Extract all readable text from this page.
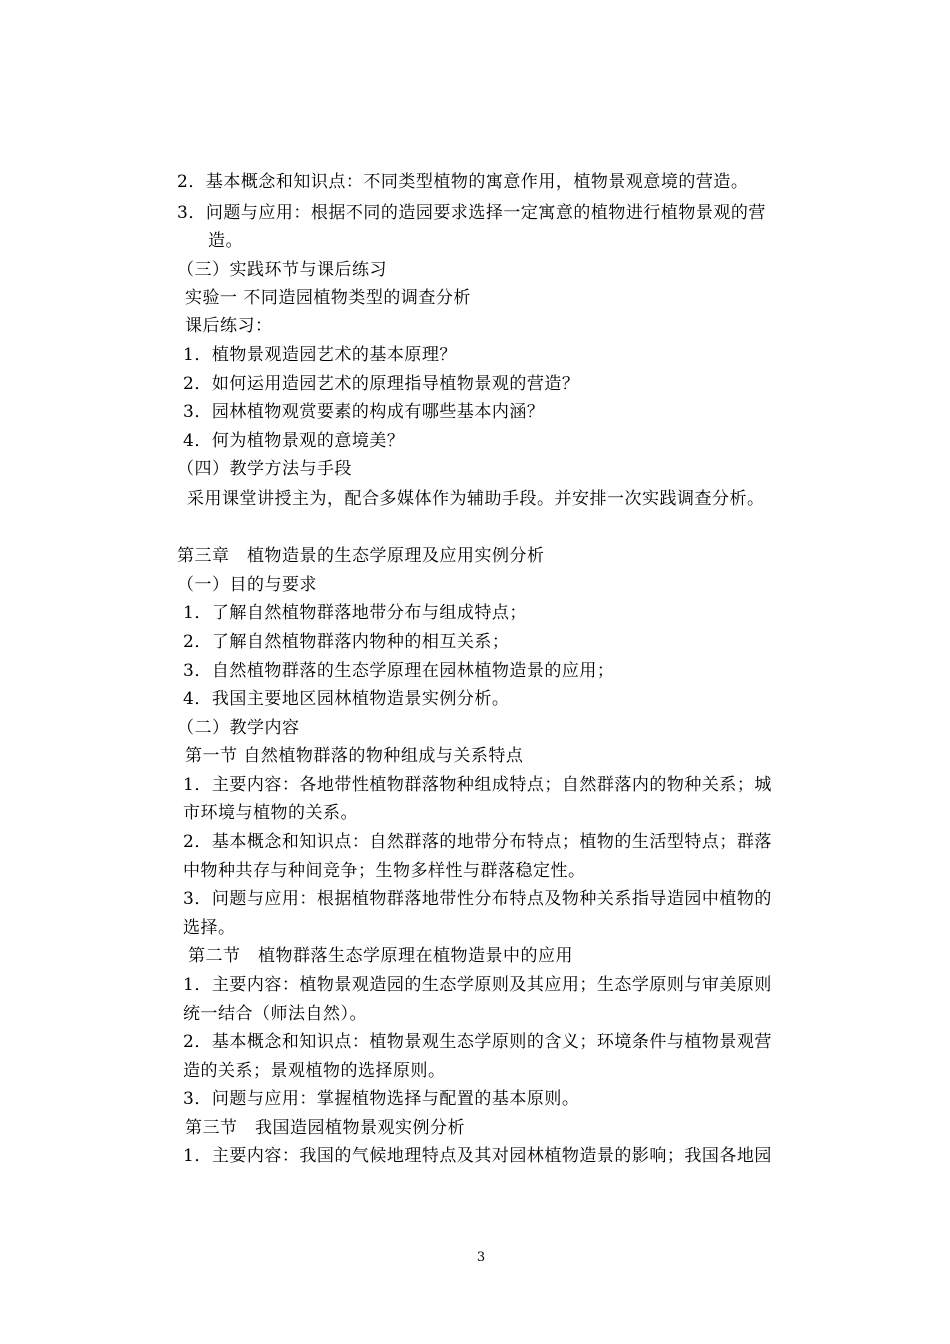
2．基本概念和知识点：不同类型植物的寓意作用，植物景观意境的营造。
3．问题与应用：根据不同的造园要求选择一定寓意的植物进行植物景观的营
造。
（三）实践环节与课后练习
实验一 不同造园植物类型的调查分析
课后练习：
1．植物景观造园艺术的基本原理？
2．如何运用造园艺术的原理指导植物景观的营造？
3．园林植物观赏要素的构成有哪些基本内涵？
4．何为植物景观的意境美？
（四）教学方法与手段
采用课堂讲授主为，配合多媒体作为辅助手段。并安排一次实践调查分析。
第三章　植物造景的生态学原理及应用实例分析
（一）目的与要求
1．了解自然植物群落地带分布与组成特点；
2．了解自然植物群落内物种的相互关系；
3．自然植物群落的生态学原理在园林植物造景的应用；
4．我国主要地区园林植物造景实例分析。
（二）教学内容
第一节 自然植物群落的物种组成与关系特点
1．主要内容：各地带性植物群落物种组成特点；自然群落内的物种关系；城
市环境与植物的关系。
2．基本概念和知识点：自然群落的地带分布特点；植物的生活型特点；群落
中物种共存与种间竞争；生物多样性与群落稳定性。
3．问题与应用：根据植物群落地带性分布特点及物种关系指导造园中植物的
选择。
第二节　植物群落生态学原理在植物造景中的应用
1．主要内容：植物景观造园的生态学原则及其应用；生态学原则与审美原则
统一结合（师法自然）。
2．基本概念和知识点：植物景观生态学原则的含义；环境条件与植物景观营
造的关系；景观植物的选择原则。
3．问题与应用：掌握植物选择与配置的基本原则。
第三节　我国造园植物景观实例分析
1．主要内容：我国的气候地理特点及其对园林植物造景的影响；我国各地园
3
